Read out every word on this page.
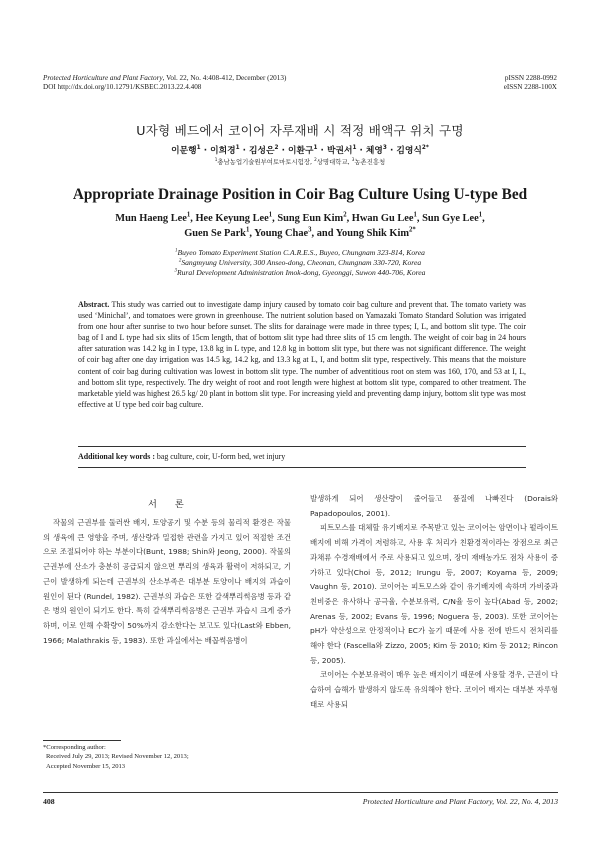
Protected Horticulture and Plant Factory, Vol. 22, No. 4:408-412, December (2013)
DOI http://dx.doi.org/10.12791/KSBEC.2013.22.4.408
pISSN 2288-0992
eISSN 2288-100X
U자형 베드에서 코이어 자루재배 시 적정 배액구 위치 구명
이문행$^1$ · 이희경$^1$ · 김성은$^2$ · 이환구$^1$ · 박권서$^1$ · 체영$^3$ · 김영식$^{2*}$
$^1$충남농업기술원부여토마토시험장, $^2$상명대학교, $^3$농촌진흥청
Appropriate Drainage Position in Coir Bag Culture Using U-type Bed
Mun Haeng Lee$^1$, Hee Keyung Lee$^1$, Sung Eun Kim$^2$, Hwan Gu Lee$^1$, Sun Gye Lee$^1$,
Guen Se Park$^1$, Young Chae$^3$, and Young Shik Kim$^{2*}$
$^1$Buyeo Tomato Experiment Station C.A.R.E.S., Buyeo, Chungnam 323-814, Korea
$^2$Sangmyung University, 300 Anseo-dong, Cheonan, Chungnam 330-720, Korea
$^3$Rural Development Administration Imok-dong, Gyeonggi, Suwon 440-706, Korea
Abstract. This study was carried out to investigate damp injury caused by tomato coir bag culture and prevent that. The tomato variety was used ‘Minichal’, and tomatoes were grown in greenhouse. The nutrient solution based on Yamazaki Tomato Standard Solution was irrigated from one hour after sunrise to two hour before sunset. The slits for darainage were made in three types; I, L, and bottom slit type. The coir bag of I and L type had six slits of 15cm length, that of bottom slit type had three slits of 15 cm length. The weight of coir bag in 24 hours after saturation was 14.2 kg in I type, 13.8 kg in L type, and 12.8 kg in bottom slit type, but there was not significant difference. The weight of coir bag after one day irrigation was 14.5 kg, 14.2 kg, and 13.3 kg at L, I, and bottm slit type, respectively. This means that the moisture content of coir bag during cultivation was lowest in bottom slit type. The number of adventitious root on stem was 160, 170, and 53 at I, L, and bottom slit type, respectively. The dry weight of root and root length were highest at bottom slit type, compared to other treatment. The marketable yield was highest 26.5 kg/ 20 plant in bottom slit type. For increasing yield and preventing damp injury, bottom slit type was most effective at U type bed coir bag culture.
Additional key words : bag culture, coir, U-form bed, wet injury
서론

작물의 근권부를 둘러싼 배지, 토양공기 및 수분 등의 물리적 환경은 작물의 생육에 큰 영향을 주며, 생산량과 밀접한 관련을 가지고 있어 적절한 조건으로 조절되어야 하는 부분이다(Bunt, 1988; Shin와 Jeong, 2000). 작물의 근권부에 산소가 충분히 공급되지 않으면 뿌리의 생육과 활력이 저하되고, 기근이 발생하게 되는데 근권부의 산소부족은 대부분 토양이나 배지의 과습이 원인이 된다 (Rundel, 1982). 근권부의 과습은 또한 갈색뿌리썩음병 등과 같은 병의 원인이 되기도 한다. 특히 갈색뿌리썩음병은 근권부 과습시 크게 증가하며, 이로 인해 수확량이 50%까지 감소한다는 보고도 있다(Last와 Ebben, 1966; Malathrakis 등, 1983). 또한 과실에서는 배꼽썩음병이

발생하게 되어 생산량이 줄어들고 품질에 나빠진다 (Dorais와 Papadopoulos, 2001).

피트모스를 대체할 유기배지로 주목받고 있는 코이어는 암면이나 펄라이트 배지에 비해 가격이 저렴하고, 사용 후 처리가 친환경적이라는 장점으로 최근 과채류 수경재배에서 주로 사용되고 있으며, 장미 재배농가도 점차 사용이 증가하고 있다(Choi 등, 2012; Irungu 등, 2007; Koyama 등, 2009; Vaughn 등, 2010). 코이어는 피트모스와 같이 유기배지에 속하며 가비중과 친비중은 유사하나 공극율, 수분보유력, C/N율 등이 높다(Abad 등, 2002; Arenas 등, 2002; Evans 등, 1996; Noguera 등, 2003). 또한 코이어는 pH가 약산성으로 안정적이나 EC가 높기 때문에 사용 전에 반드시 전처리를 해야 한다 (Fascella와 Zizzo, 2005; Kim 등 2010; Kim 등 2012; Rincon 등, 2005).

코이어는 수분보유력이 매우 높은 배지이기 때문에 사용할 경우, 근권이 다습하여 습해가 발생하지 않도록 유의해야 한다. 코이어 배지는 대부분 자루형태로 사용되

*Corresponding author:
Received July 29, 2013; Revised November 12, 2013;
Accepted November 15, 2013
408	Protected Horticulture and Plant Factory, Vol. 22, No. 4, 2013
